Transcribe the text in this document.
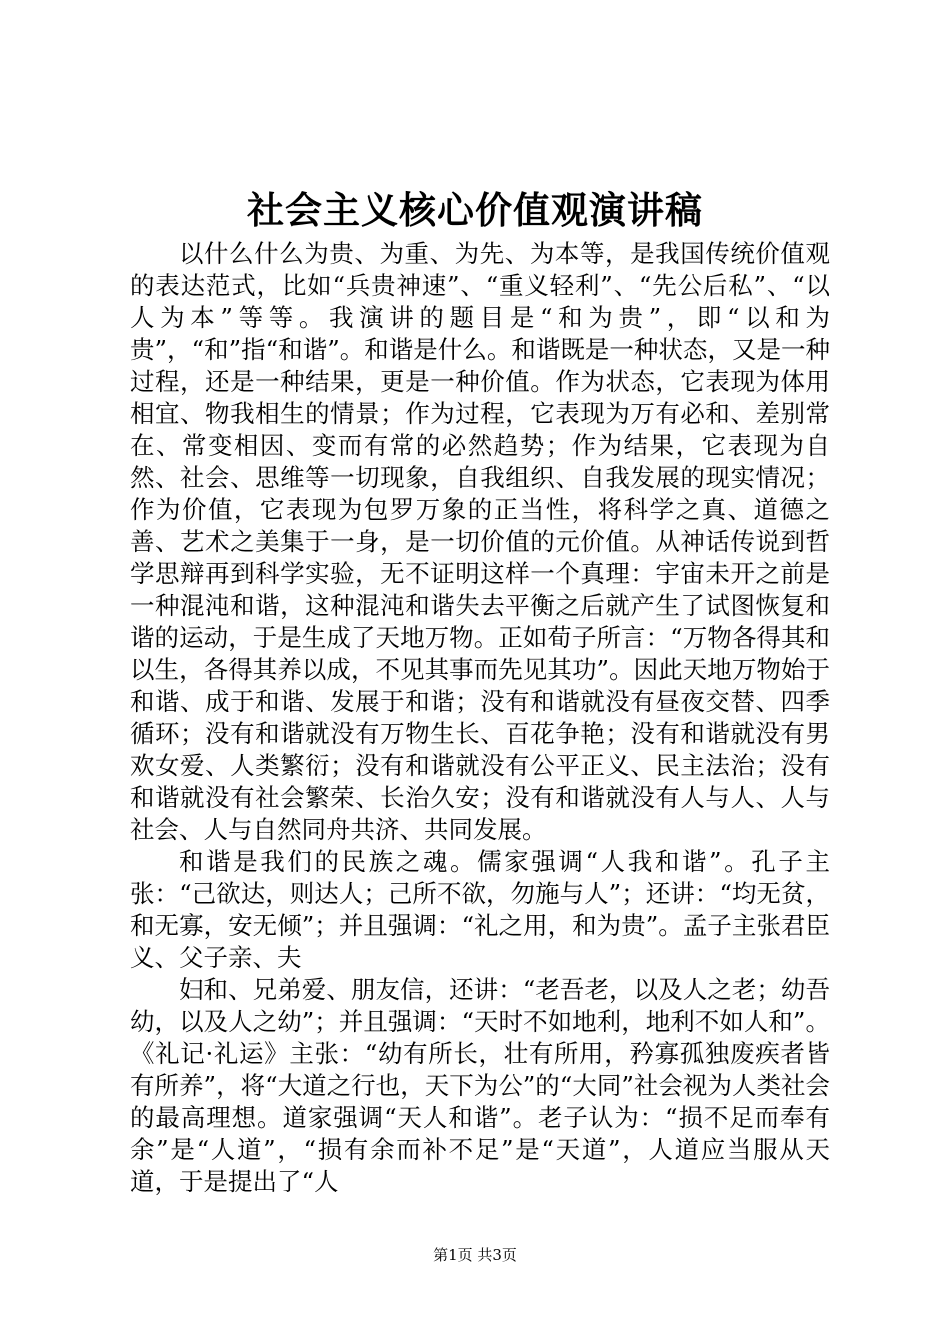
社会主义核心价值观演讲稿

以什么什么为贵、为重、为先、为本等，是我国传统价值观的表达范式，比如“兵贵神速”、“重义轻利”、“先公后私”、“以人为本”等等。我演讲的题目是“和为贵”，即“以和为贵”，“和”指“和谐”。和谐是什么。和谐既是一种状态，又是一种过程，还是一种结果，更是一种价值。作为状态，它表现为体用相宜、物我相生的情景；作为过程，它表现为万有必和、差别常在、常变相因、变而有常的必然趋势；作为结果，它表现为自然、社会、思维等一切现象，自我组织、自我发展的现实情况；作为价值，它表现为包罗万象的正当性，将科学之真、道德之善、艺术之美集于一身，是一切价值的元价值。从神话传说到哲学思辩再到科学实验，无不证明这样一个真理：宇宙未开之前是一种混沌和谐，这种混沌和谐失去平衡之后就产生了试图恢复和谐的运动，于是生成了天地万物。正如荀子所言：“万物各得其和以生，各得其养以成，不见其事而先见其功”。因此天地万物始于和谐、成于和谐、发展于和谐；没有和谐就没有昼夜交替、四季循环；没有和谐就没有万物生长、百花争艳；没有和谐就没有男欢女爱、人类繁衍；没有和谐就没有公平正义、民主法治；没有和谐就没有社会繁荣、长治久安；没有和谐就没有人与人、人与社会、人与自然同舟共济、共同发展。

和谐是我们的民族之魂。儒家强调“人我和谐”。孔子主张：“己欲达，则达人；己所不欲，勿施与人”；还讲：“均无贫，和无寡，安无倾”；并且强调：“礼之用，和为贵”。孟子主张君臣义、父子亲、夫

妇和、兄弟爱、朋友信，还讲：“老吾老，以及人之老；幼吾幼，以及人之幼”；并且强调：“天时不如地利，地利不如人和”。《礼记·礼运》主张：“幼有所长，壮有所用，矜寡孤独废疾者皆有所养”，将“大道之行也，天下为公”的“大同”社会视为人类社会的最高理想。道家强调“天人和谐”。老子认为：“损不足而奉有余”是“人道”，“损有余而补不足”是“天道”，人道应当服从天道，于是提出了“人

第1页 共3页
